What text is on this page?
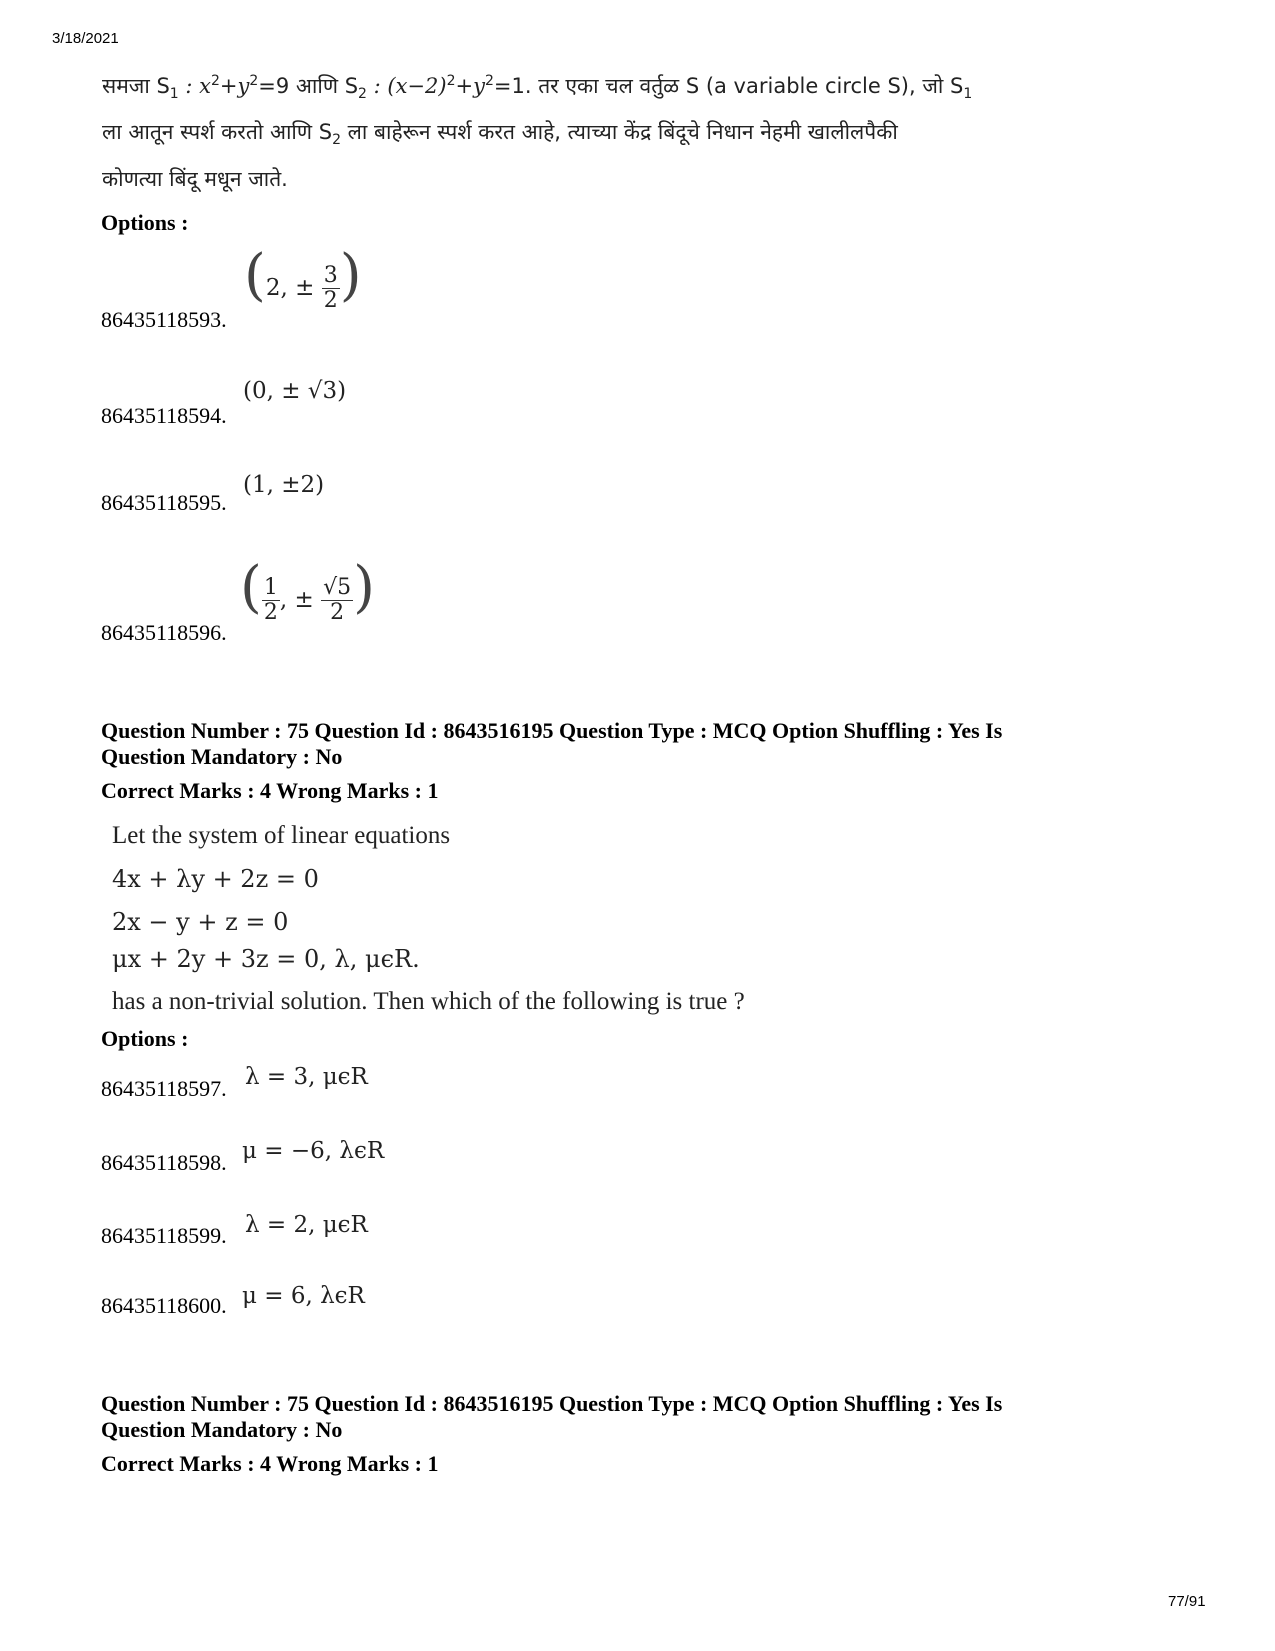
3/18/2021
समजा $S_1$ : $x^2+y^2=9$ आणि $S_2$ : $(x-2)^2+y^2=1$. तर एका चल वर्तुळ S (a variable circle S), जो $S_1$
ला आतून स्पर्श करतो आणि $S_2$ ला बाहेरून स्पर्श करत आहे, त्याच्या केंद्र बिंदूचे निधान नेहमी खालीलपैकी
कोणत्या बिंदू मधून जाते.
Options :
(2, ± $\frac{3}{2}$ )
86435118593.
(0, ± √3)
86435118594.
(1, ±2)
86435118595.
( $\frac{1}{2}$ , ± $\frac{√5}{2}$ )
86435118596.
Question Number : 75 Question Id : 8643516195 Question Type : MCQ Option Shuffling : Yes Is
Question Mandatory : No
Correct Marks : 4 Wrong Marks : 1
Let the system of linear equations
4x + λy + 2z = 0
2x − y + z = 0
μx + 2y + 3z = 0, λ, μϵR.
has a non-trivial solution. Then which of the following is true ?
Options :
λ = 3, μϵR
86435118597.
μ = −6, λϵR
86435118598.
λ = 2, μϵR
86435118599.
μ = 6, λϵR
86435118600.
Question Number : 75 Question Id : 8643516195 Question Type : MCQ Option Shuffling : Yes Is
Question Mandatory : No
Correct Marks : 4 Wrong Marks : 1
77/91
